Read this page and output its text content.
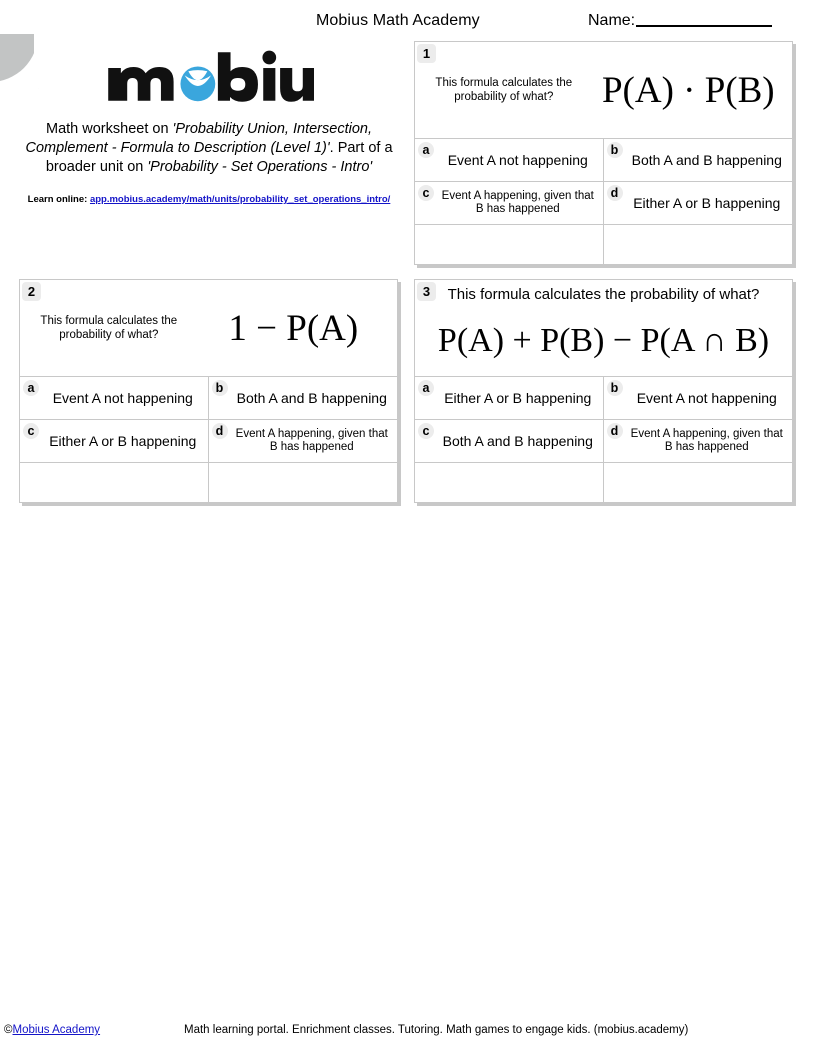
Mobius Math Academy	Name:
Math worksheet on 'Probability Union, Intersection, Complement - Formula to Description (Level 1)'. Part of a broader unit on 'Probability - Set Operations - Intro'
Learn online: app.mobius.academy/math/units/probability_set_operations_intro/
1
This formula calculates the probability of what?	P(A) · P(B)
a
Event A not happening
b
Both A and B happening
c	Event A happening, given that B has happened
d
Either A or B happening
2
This formula calculates the probability of what?	1 − P(A)
a
Event A not happening
b
Both A and B happening
c
Either A or B happening
d	Event A happening, given that B has happened
3	This formula calculates the probability of what?
P(A) + P(B) − P(A ∩ B)
a
Either A or B happening
b
Event A not happening
c
Both A and B happening
d	Event A happening, given that B has happened
©Mobius Academy	Math learning portal. Enrichment classes. Tutoring. Math games to engage kids. (mobius.academy)
